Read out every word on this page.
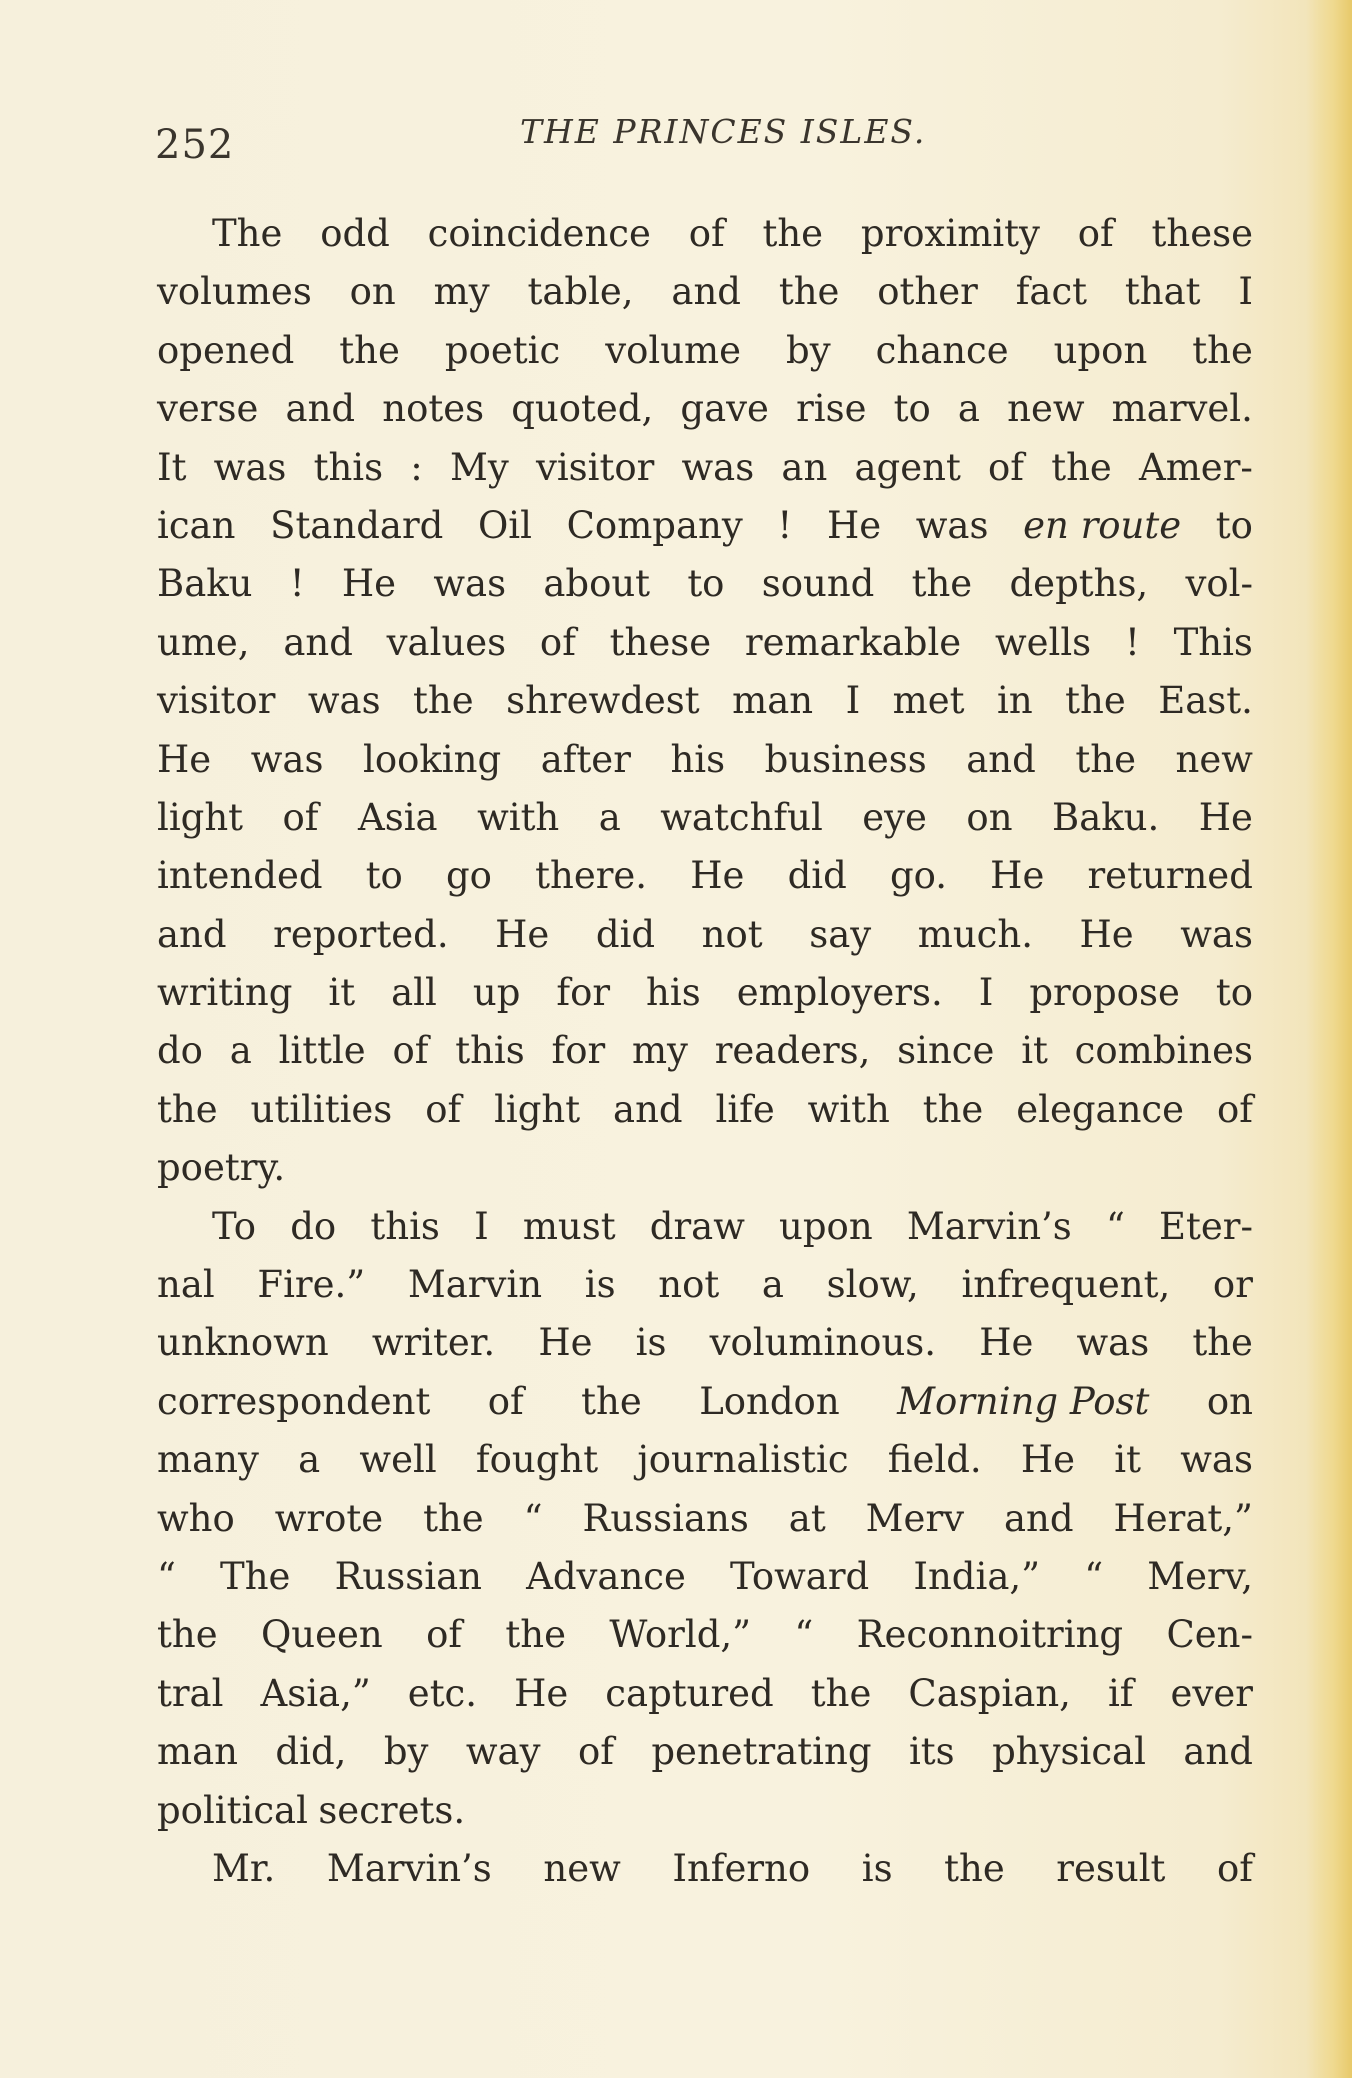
252	THE PRINCES ISLES.
The odd coincidence of the proximity of these
volumes on my table, and the other fact that I
opened the poetic volume by chance upon the
verse and notes quoted, gave rise to a new marvel.
It was this : My visitor was an agent of the Amer-
ican Standard Oil Company ! He was en route to
Baku ! He was about to sound the depths, vol-
ume, and values of these remarkable wells ! This
visitor was the shrewdest man I met in the East.
He was looking after his business and the new
light of Asia with a watchful eye on Baku. He
intended to go there. He did go. He returned
and reported. He did not say much. He was
writing it all up for his employers. I propose to
do a little of this for my readers, since it combines
the utilities of light and life with the elegance of
poetry.
To do this I must draw upon Marvin’s “ Eter-
nal Fire.” Marvin is not a slow, infrequent, or
unknown writer. He is voluminous. He was the
correspondent of the London Morning Post on
many a well fought journalistic field. He it was
who wrote the “ Russians at Merv and Herat,”
“ The Russian Advance Toward India,” “ Merv,
the Queen of the World,” “ Reconnoitring Cen-
tral Asia,” etc. He captured the Caspian, if ever
man did, by way of penetrating its physical and
political secrets.
Mr. Marvin’s new Inferno is the result of
